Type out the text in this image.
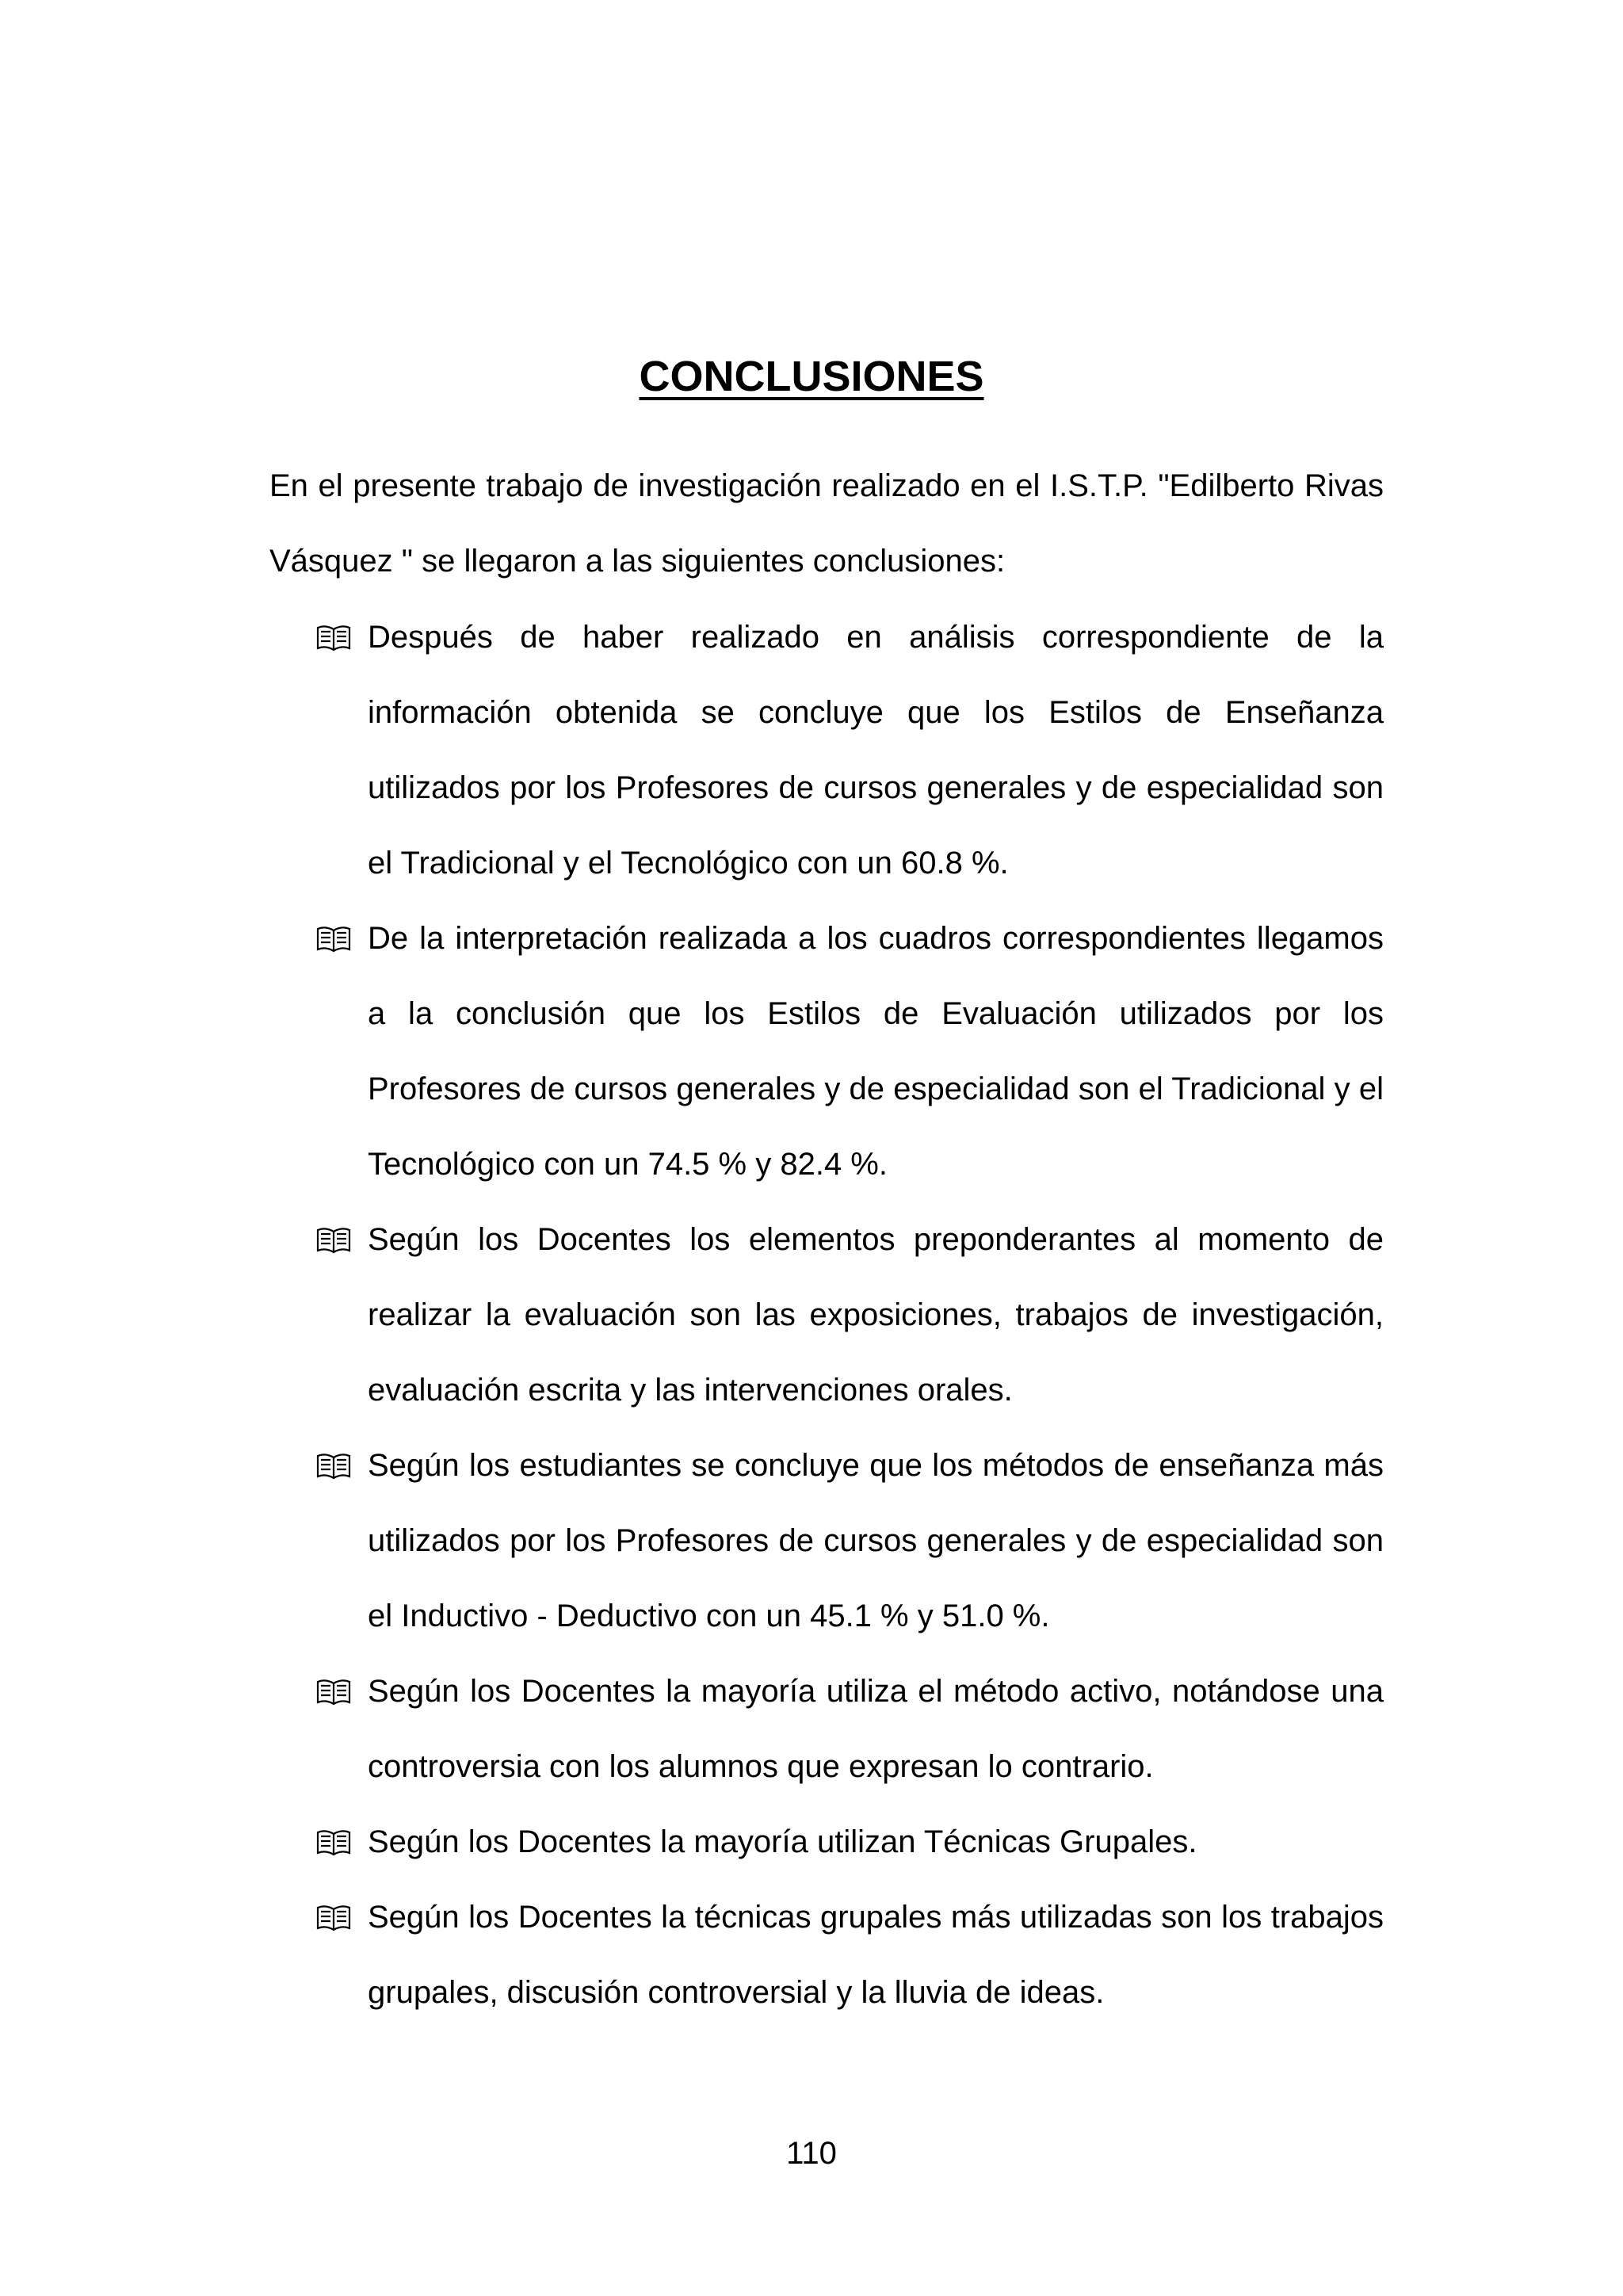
CONCLUSIONES
En el presente trabajo de investigación realizado en el I.S.T.P. "Edilberto Rivas Vásquez " se llegaron a las siguientes conclusiones:
Después de haber realizado en análisis correspondiente de la información obtenida se concluye que los Estilos de Enseñanza utilizados por los Profesores de cursos generales y de especialidad son el Tradicional y el Tecnológico con un 60.8 %.
De la interpretación realizada a los cuadros correspondientes llegamos a la conclusión que los Estilos de Evaluación utilizados por los Profesores de cursos generales y de especialidad son el Tradicional y el Tecnológico con un 74.5 % y 82.4 %.
Según los Docentes los elementos preponderantes al momento de realizar la evaluación son las exposiciones, trabajos de investigación, evaluación escrita y las intervenciones orales.
Según los estudiantes se concluye que los métodos de enseñanza más utilizados por los Profesores de cursos generales y de especialidad son el Inductivo - Deductivo con un 45.1 % y 51.0 %.
Según los Docentes la mayoría utiliza el método activo, notándose una controversia con los alumnos que expresan lo contrario.
Según los Docentes la mayoría utilizan Técnicas Grupales.
Según los Docentes la técnicas grupales más utilizadas son los trabajos grupales, discusión controversial y la lluvia de ideas.
110
